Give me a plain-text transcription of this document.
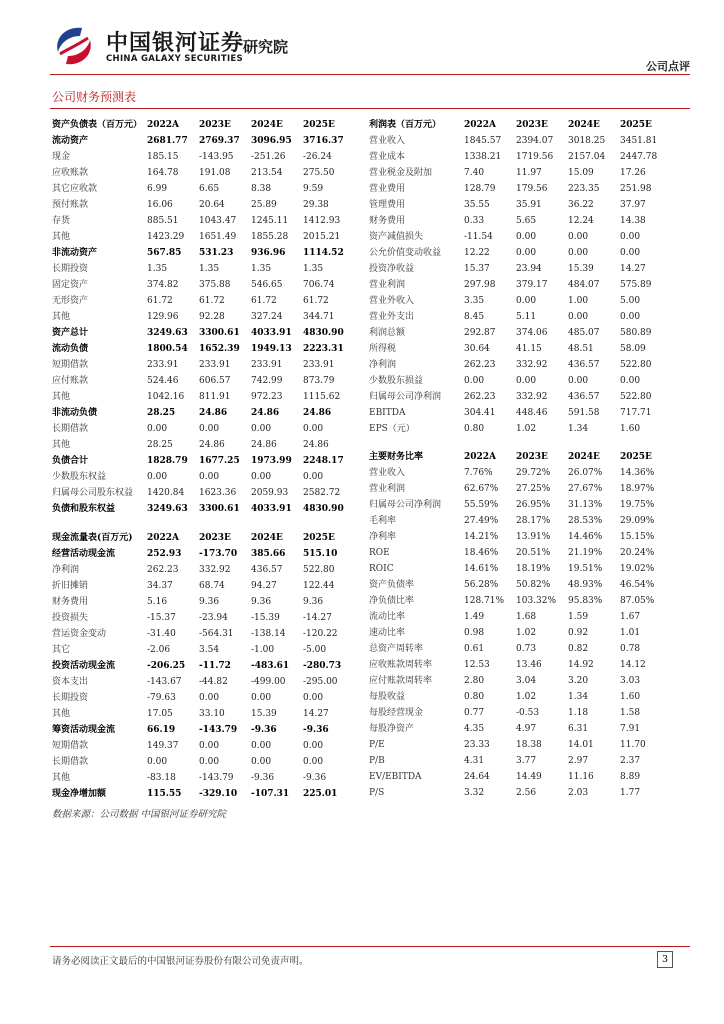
中国银河证券
CHINA GALAXY SECURITIES
研究院
公司点评
公司财务预测表
资产负债表（百万元）	2022A	2023E	2024E	2025E
流动资产	2681.77	2769.37	3096.95	3716.37
现金	185.15	-143.95	-251.26	-26.24
应收账款	164.78	191.08	213.54	275.50
其它应收款	6.99	6.65	8.38	9.59
预付账款	16.06	20.64	25.89	29.38
存货	885.51	1043.47	1245.11	1412.93
其他	1423.29	1651.49	1855.28	2015.21
非流动资产	567.85	531.23	936.96	1114.52
长期投资	1.35	1.35	1.35	1.35
固定资产	374.82	375.88	546.65	706.74
无形资产	61.72	61.72	61.72	61.72
其他	129.96	92.28	327.24	344.71
资产总计	3249.63	3300.61	4033.91	4830.90
流动负债	1800.54	1652.39	1949.13	2223.31
短期借款	233.91	233.91	233.91	233.91
应付账款	524.46	606.57	742.99	873.79
其他	1042.16	811.91	972.23	1115.62
非流动负债	28.25	24.86	24.86	24.86
长期借款	0.00	0.00	0.00	0.00
其他	28.25	24.86	24.86	24.86
负债合计	1828.79	1677.25	1973.99	2248.17
少数股东权益	0.00	0.00	0.00	0.00
归属母公司股东权益	1420.84	1623.36	2059.93	2582.72
负债和股东权益	3249.63	3300.61	4033.91	4830.90
利润表（百万元）	2022A	2023E	2024E	2025E
营业收入	1845.57	2394.07	3018.25	3451.81
营业成本	1338.21	1719.56	2157.04	2447.78
营业税金及附加	7.40	11.97	15.09	17.26
营业费用	128.79	179.56	223.35	251.98
管理费用	35.55	35.91	36.22	37.97
财务费用	0.33	5.65	12.24	14.38
资产减值损失	-11.54	0.00	0.00	0.00
公允价值变动收益	12.22	0.00	0.00	0.00
投资净收益	15.37	23.94	15.39	14.27
营业利润	297.98	379.17	484.07	575.89
营业外收入	3.35	0.00	1.00	5.00
营业外支出	8.45	5.11	0.00	0.00
利润总额	292.87	374.06	485.07	580.89
所得税	30.64	41.15	48.51	58.09
净利润	262.23	332.92	436.57	522.80
少数股东损益	0.00	0.00	0.00	0.00
归属母公司净利润	262.23	332.92	436.57	522.80
EBITDA	304.41	448.46	591.58	717.71
EPS（元）	0.80	1.02	1.34	1.60
主要财务比率	2022A	2023E	2024E	2025E
营业收入	7.76%	29.72%	26.07%	14.36%
营业利润	62.67%	27.25%	27.67%	18.97%
归属母公司净利润	55.59%	26.95%	31.13%	19.75%
毛利率	27.49%	28.17%	28.53%	29.09%
净利率	14.21%	13.91%	14.46%	15.15%
ROE	18.46%	20.51%	21.19%	20.24%
ROIC	14.61%	18.19%	19.51%	19.02%
资产负债率	56.28%	50.82%	48.93%	46.54%
净负债比率	128.71%	103.32%	95.83%	87.05%
流动比率	1.49	1.68	1.59	1.67
速动比率	0.98	1.02	0.92	1.01
总资产周转率	0.61	0.73	0.82	0.78
应收账款周转率	12.53	13.46	14.92	14.12
应付账款周转率	2.80	3.04	3.20	3.03
每股收益	0.80	1.02	1.34	1.60
每股经营现金	0.77	-0.53	1.18	1.58
每股净资产	4.35	4.97	6.31	7.91
P/E	23.33	18.38	14.01	11.70
P/B	4.31	3.77	2.97	2.37
EV/EBITDA	24.64	14.49	11.16	8.89
P/S	3.32	2.56	2.03	1.77
现金流量表(百万元)	2022A	2023E	2024E	2025E
经营活动现金流	252.93	-173.70	385.66	515.10
净利润	262.23	332.92	436.57	522.80
折旧摊销	34.37	68.74	94.27	122.44
财务费用	5.16	9.36	9.36	9.36
投资损失	-15.37	-23.94	-15.39	-14.27
营运资金变动	-31.40	-564.31	-138.14	-120.22
其它	-2.06	3.54	-1.00	-5.00
投资活动现金流	-206.25	-11.72	-483.61	-280.73
资本支出	-143.67	-44.82	-499.00	-295.00
长期投资	-79.63	0.00	0.00	0.00
其他	17.05	33.10	15.39	14.27
筹资活动现金流	66.19	-143.79	-9.36	-9.36
短期借款	149.37	0.00	0.00	0.00
长期借款	0.00	0.00	0.00	0.00
其他	-83.18	-143.79	-9.36	-9.36
现金净增加额	115.55	-329.10	-107.31	225.01
数据来源：公司数据 中国银河证券研究院
请务必阅读正文最后的中国银河证券股份有限公司免责声明。	3
